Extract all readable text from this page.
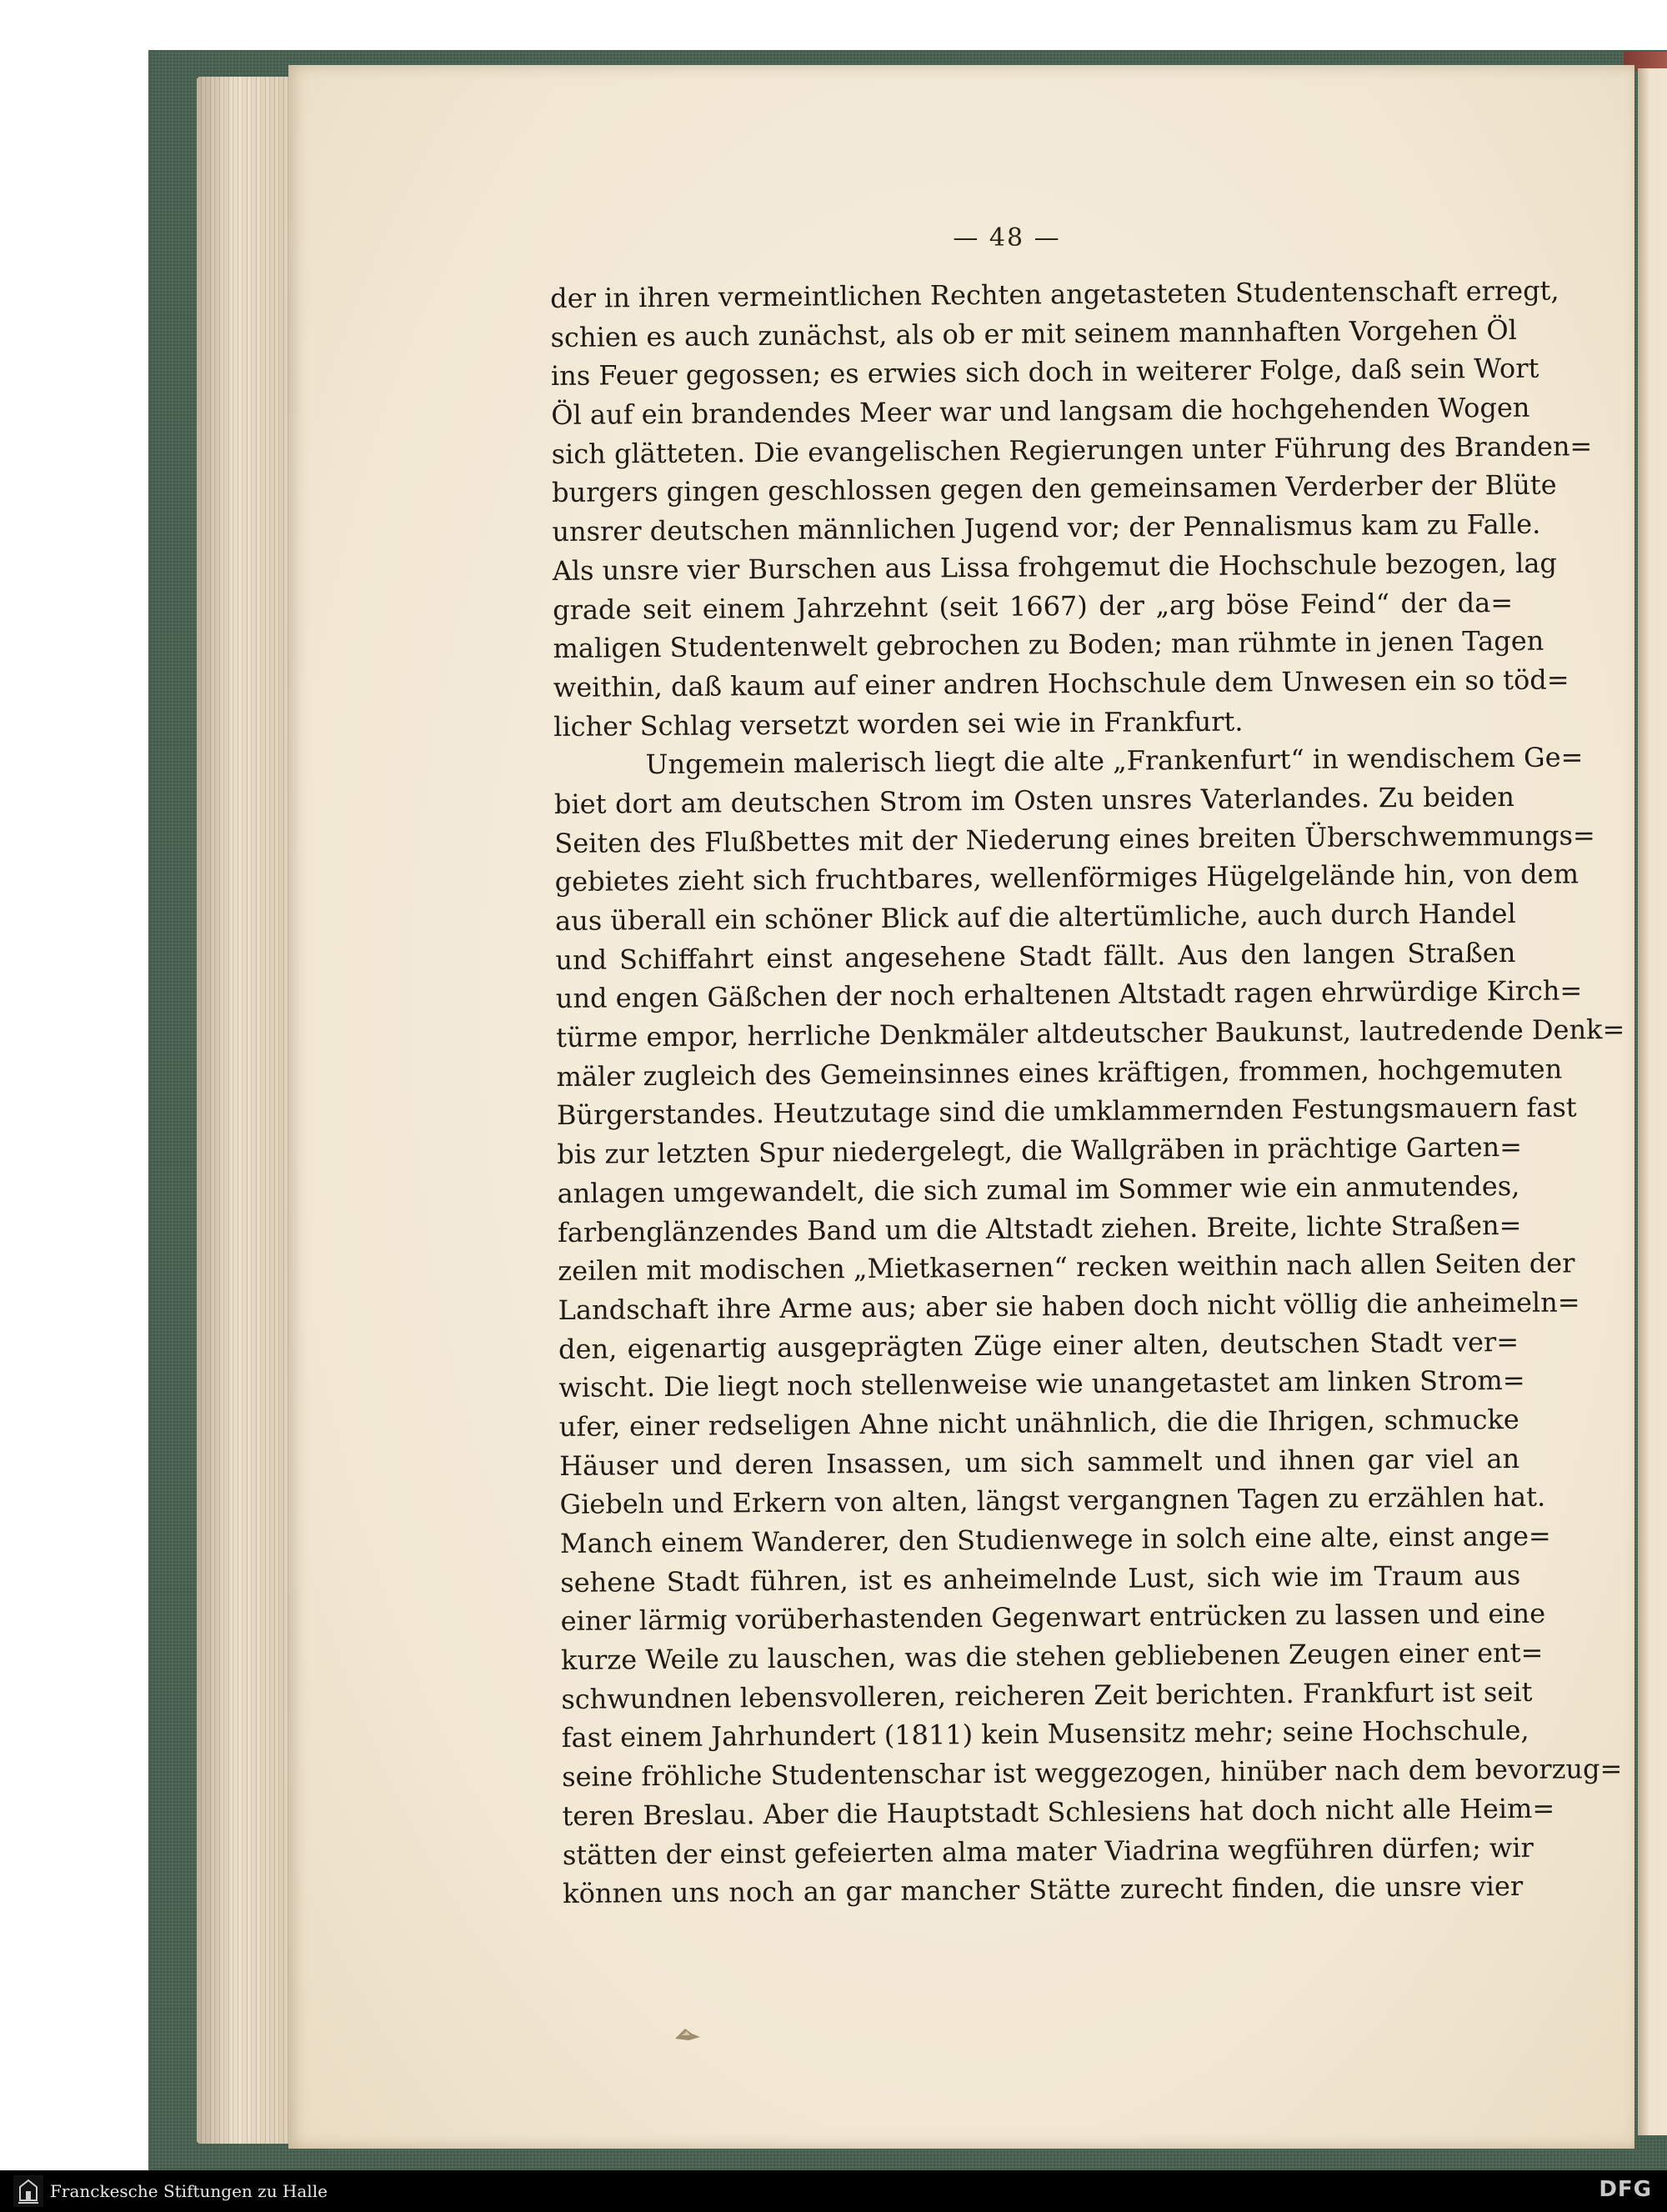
— 48 —
der in ihren vermeintlichen Rechten angetasteten Studentenschaft erregt,
schien es auch zunächst, als ob er mit seinem mannhaften Vorgehen Öl
ins Feuer gegossen; es erwies sich doch in weiterer Folge, daß sein Wort
Öl auf ein brandendes Meer war und langsam die hochgehenden Wogen
sich glätteten. Die evangelischen Regierungen unter Führung des Branden=
burgers gingen geschlossen gegen den gemeinsamen Verderber der Blüte
unsrer deutschen männlichen Jugend vor; der Pennalismus kam zu Falle.
Als unsre vier Burschen aus Lissa frohgemut die Hochschule bezogen, lag
grade seit einem Jahrzehnt (seit 1667) der „arg böse Feind“ der da=
maligen Studentenwelt gebrochen zu Boden; man rühmte in jenen Tagen
weithin, daß kaum auf einer andren Hochschule dem Unwesen ein so töd=
licher Schlag versetzt worden sei wie in Frankfurt.
Ungemein malerisch liegt die alte „Frankenfurt“ in wendischem Ge=
biet dort am deutschen Strom im Osten unsres Vaterlandes. Zu beiden
Seiten des Flußbettes mit der Niederung eines breiten Überschwemmungs=
gebietes zieht sich fruchtbares, wellenförmiges Hügelgelände hin, von dem
aus überall ein schöner Blick auf die altertümliche, auch durch Handel
und Schiffahrt einst angesehene Stadt fällt. Aus den langen Straßen
und engen Gäßchen der noch erhaltenen Altstadt ragen ehrwürdige Kirch=
türme empor, herrliche Denkmäler altdeutscher Baukunst, lautredende Denk=
mäler zugleich des Gemeinsinnes eines kräftigen, frommen, hochgemuten
Bürgerstandes. Heutzutage sind die umklammernden Festungsmauern fast
bis zur letzten Spur niedergelegt, die Wallgräben in prächtige Garten=
anlagen umgewandelt, die sich zumal im Sommer wie ein anmutendes,
farbenglänzendes Band um die Altstadt ziehen. Breite, lichte Straßen=
zeilen mit modischen „Mietkasernen“ recken weithin nach allen Seiten der
Landschaft ihre Arme aus; aber sie haben doch nicht völlig die anheimeln=
den, eigenartig ausgeprägten Züge einer alten, deutschen Stadt ver=
wischt. Die liegt noch stellenweise wie unangetastet am linken Strom=
ufer, einer redseligen Ahne nicht unähnlich, die die Ihrigen, schmucke
Häuser und deren Insassen, um sich sammelt und ihnen gar viel an
Giebeln und Erkern von alten, längst vergangnen Tagen zu erzählen hat.
Manch einem Wanderer, den Studienwege in solch eine alte, einst ange=
sehene Stadt führen, ist es anheimelnde Lust, sich wie im Traum aus
einer lärmig vorüberhastenden Gegenwart entrücken zu lassen und eine
kurze Weile zu lauschen, was die stehen gebliebenen Zeugen einer ent=
schwundnen lebensvolleren, reicheren Zeit berichten. Frankfurt ist seit
fast einem Jahrhundert (1811) kein Musensitz mehr; seine Hochschule,
seine fröhliche Studentenschar ist weggezogen, hinüber nach dem bevorzug=
teren Breslau. Aber die Hauptstadt Schlesiens hat doch nicht alle Heim=
stätten der einst gefeierten alma mater Viadrina wegführen dürfen; wir
können uns noch an gar mancher Stätte zurecht finden, die unsre vier
Franckesche Stiftungen zu Halle	DFG
